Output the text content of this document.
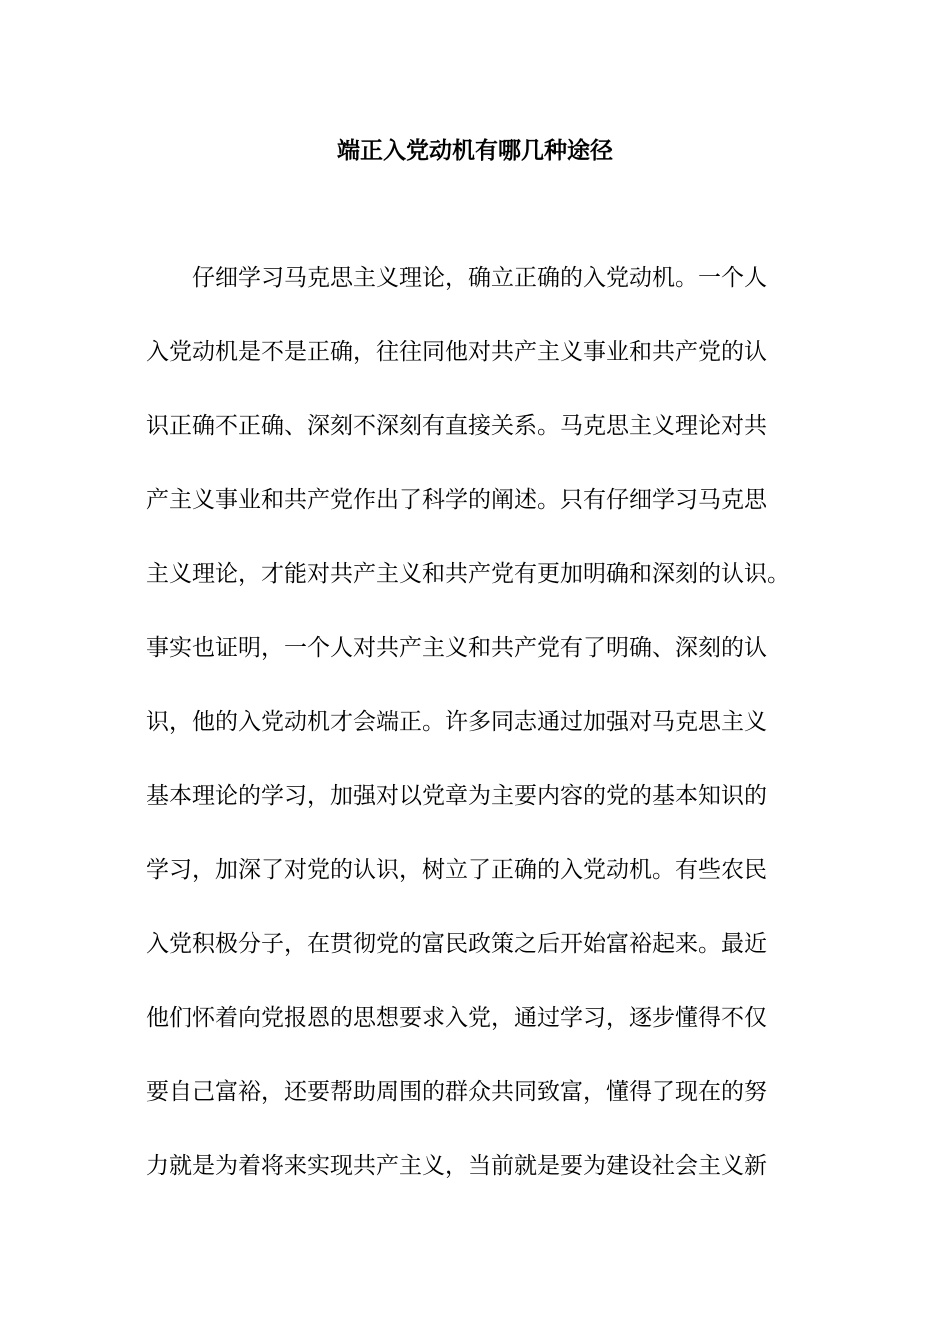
端正入党动机有哪几种途径

仔细学习马克思主义理论，确立正确的入党动机。一个人

入党动机是不是正确，往往同他对共产主义事业和共产党的认

识正确不正确、深刻不深刻有直接关系。马克思主义理论对共

产主义事业和共产党作出了科学的阐述。只有仔细学习马克思

主义理论，才能对共产主义和共产党有更加明确和深刻的认识。

事实也证明，一个人对共产主义和共产党有了明确、深刻的认

识，他的入党动机才会端正。许多同志通过加强对马克思主义

基本理论的学习，加强对以党章为主要内容的党的基本知识的

学习，加深了对党的认识，树立了正确的入党动机。有些农民

入党积极分子，在贯彻党的富民政策之后开始富裕起来。最近

他们怀着向党报恩的思想要求入党，通过学习，逐步懂得不仅

要自己富裕，还要帮助周围的群众共同致富，懂得了现在的努

力就是为着将来实现共产主义，当前就是要为建设社会主义新
